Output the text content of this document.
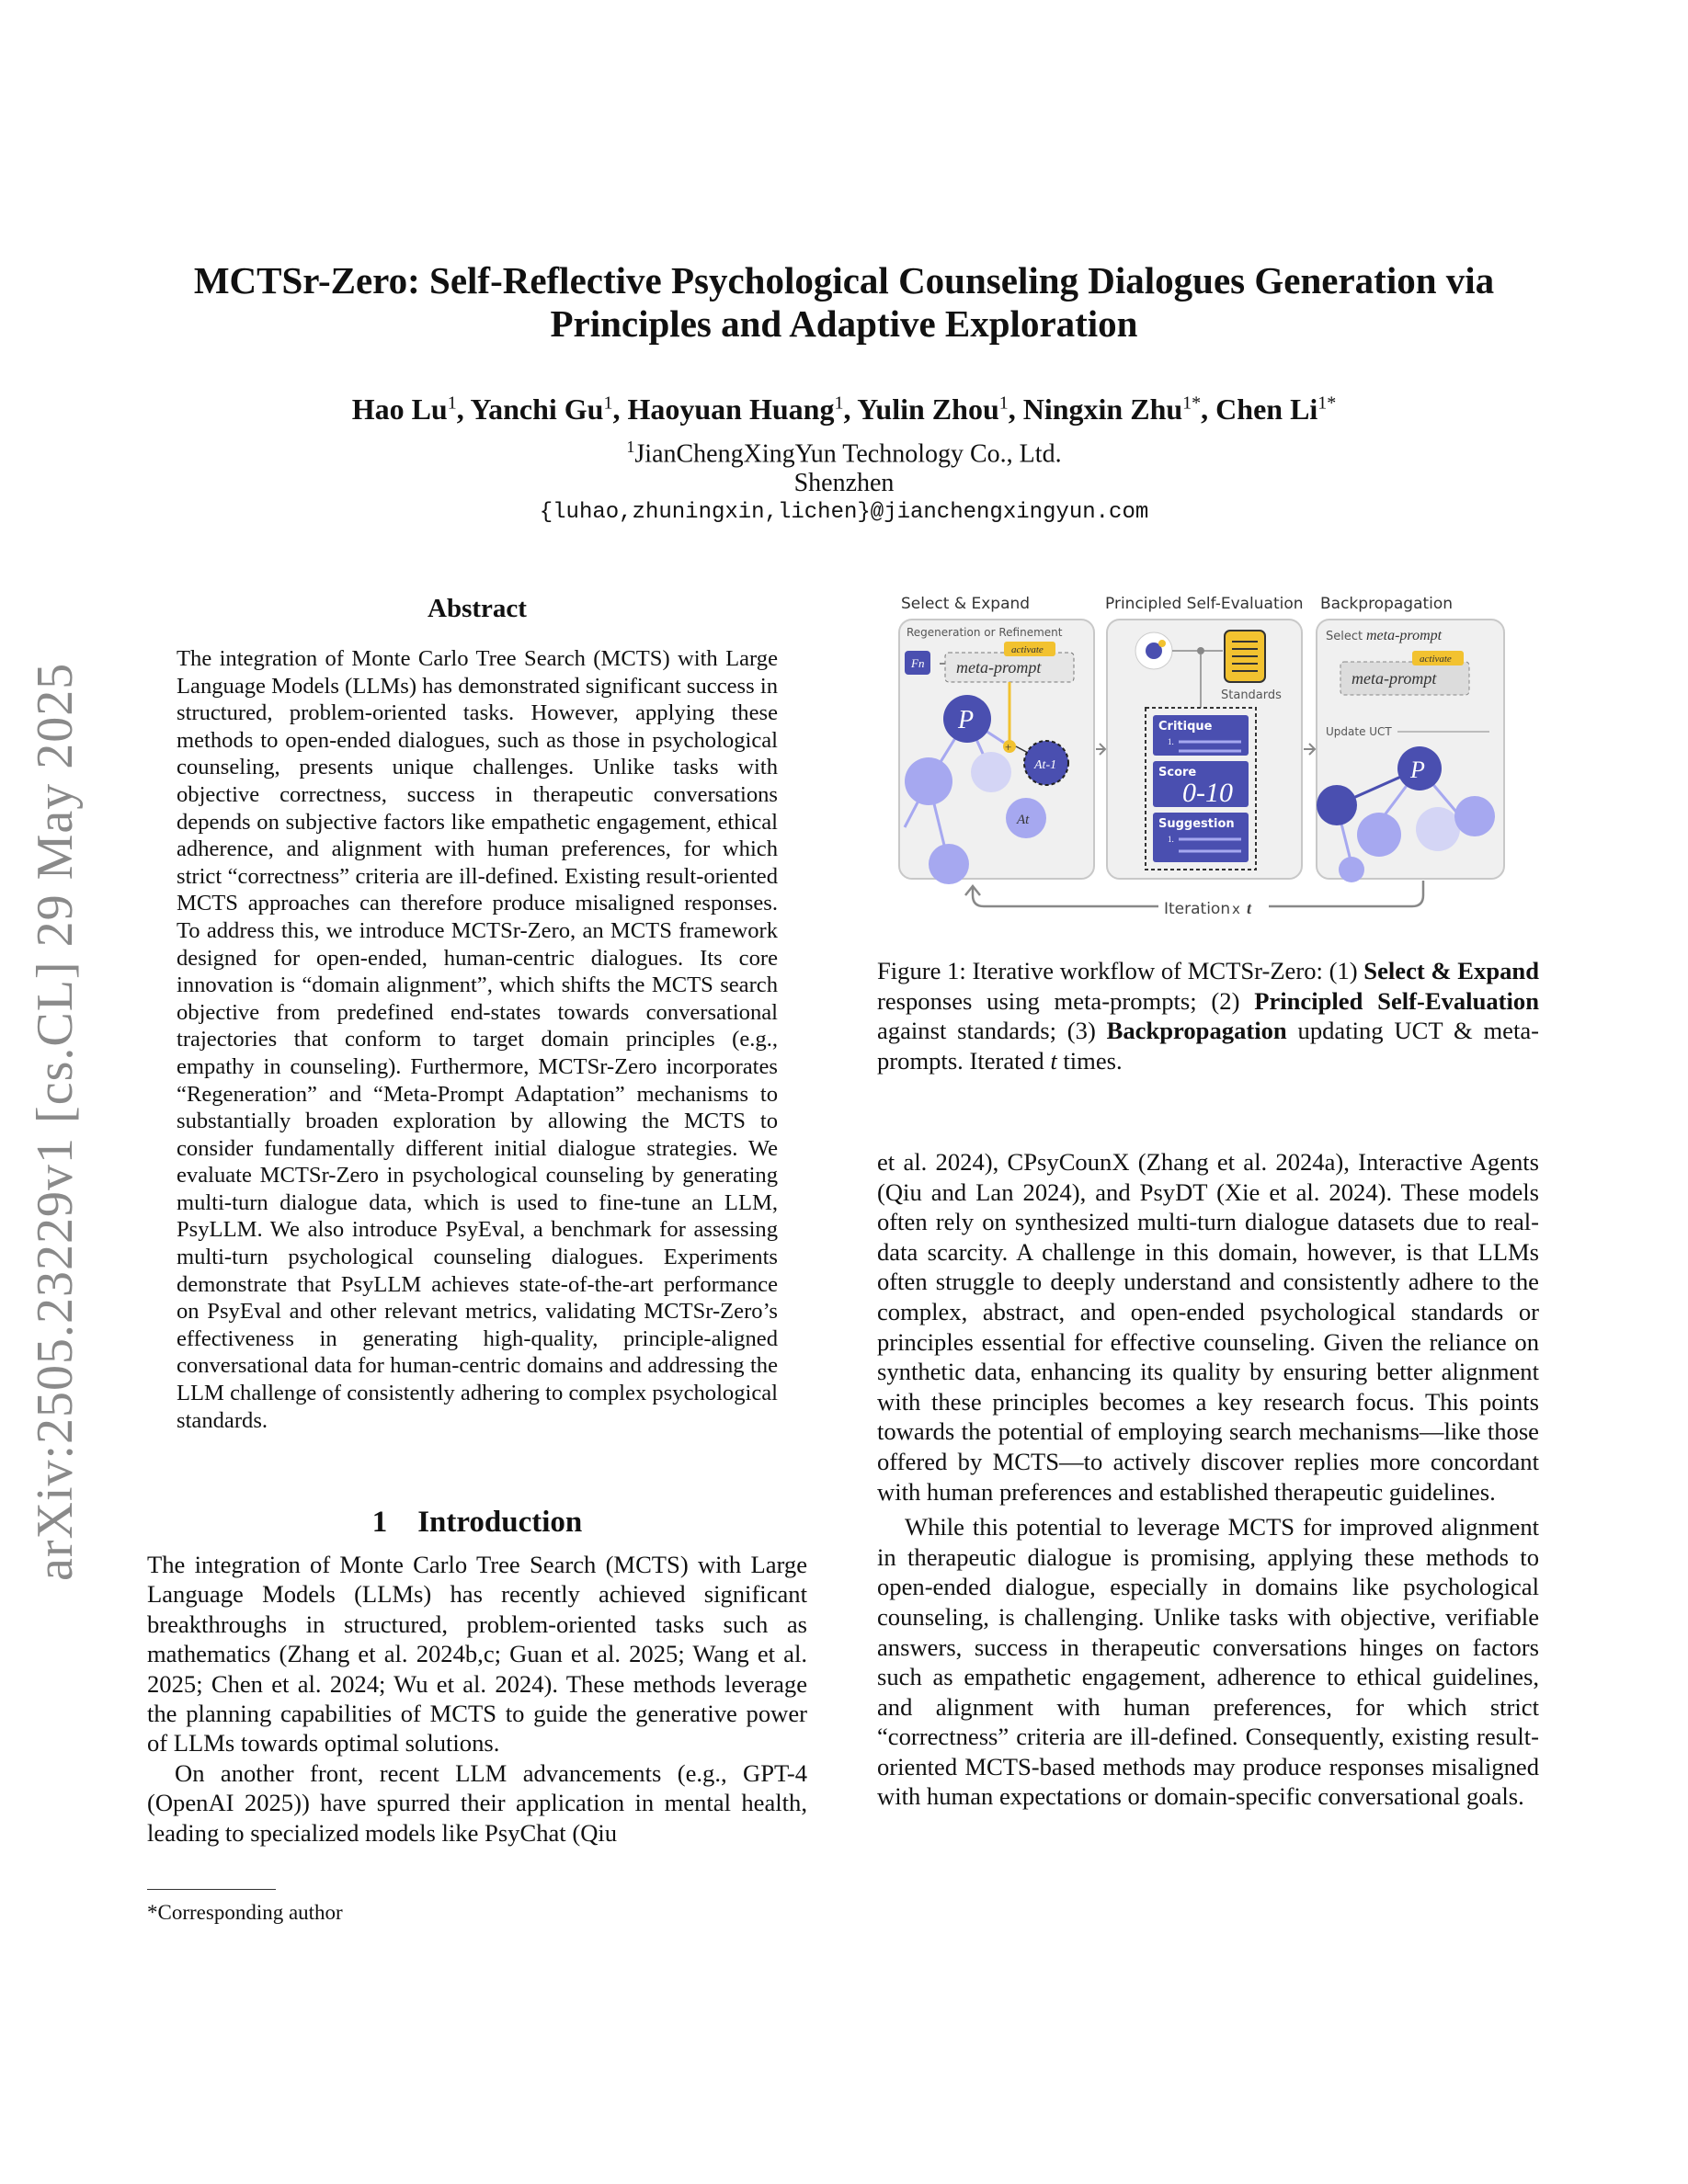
MCTSr-Zero: Self-Reflective Psychological Counseling Dialogues Generation via
Principles and Adaptive Exploration
Hao Lu$^1$, Yanchi Gu$^1$, Haoyuan Huang$^1$, Yulin Zhou$^1$, Ningxin Zhu$^{1*}$, Chen $Li^{1*}$
$^1$JianChengXingYun Technology Co., Ltd.
Shenzhen
{luhao,zhuningxin,lichen}@jianchengxingyun.com
arXiv:2505.23229v1 [cs.CL] 29 May 2025
Abstract
The integration of Monte Carlo Tree Search (MCTS) with Large Language Models (LLMs) has demonstrated significant success in structured, problem-oriented tasks. However, applying these methods to open-ended dialogues, such as those in psychological counseling, presents unique challenges. Unlike tasks with objective correctness, success in therapeutic conversations depends on subjective factors like empathetic engagement, ethical adherence, and alignment with human preferences, for which strict “correctness” criteria are ill-defined. Existing result-oriented MCTS approaches can therefore produce misaligned responses. To address this, we introduce MCTSr-Zero, an MCTS framework designed for open-ended, human-centric dialogues. Its core innovation is “domain alignment”, which shifts the MCTS search objective from predefined end-states towards conversational trajectories that conform to target domain principles (e.g., empathy in counseling). Furthermore, MCTSr-Zero incorporates “Regeneration” and “Meta-Prompt Adaptation” mechanisms to substantially broaden exploration by allowing the MCTS to consider fundamentally different initial dialogue strategies. We evaluate MCTSr-Zero in psychological counseling by generating multi-turn dialogue data, which is used to fine-tune an LLM, PsyLLM. We also introduce PsyEval, a benchmark for assessing multi-turn psychological counseling dialogues. Experiments demonstrate that PsyLLM achieves state-of-the-art performance on PsyEval and other relevant metrics, validating MCTSr-Zero’s effectiveness in generating high-quality, principle-aligned conversational data for human-centric domains and addressing the LLM challenge of consistently adhering to complex psychological standards.
1    Introduction

The integration of Monte Carlo Tree Search (MCTS) with Large Language Models (LLMs) has recently achieved significant breakthroughs in structured, problem-oriented tasks such as mathematics (Zhang et al. 2024b,c; Guan et al. 2025; Wang et al. 2025; Chen et al. 2024; Wu et al. 2024). These methods leverage the planning capabilities of MCTS to guide the generative power of LLMs towards optimal solutions.

On another front, recent LLM advancements (e.g., GPT-4 (OpenAI 2025)) have spurred their application in mental health, leading to specialized models like PsyChat (Qiu

*Corresponding author
Select & Expand	Principled Self-Evaluation Backpropagation
Regeneration or Refinement
Fn meta-prompt
activate
+
P
At-1
At
Standards
Critique
1.
Score
0-10
Suggestion
1.
Select meta-prompt
meta-prompt
activate
Update UCT
P
Iteration x t
Figure 1: Iterative workflow of MCTSr-Zero: (1) Select & Expand responses using meta-prompts; (2) Principled Self-Evaluation against standards; (3) Backpropagation updating UCT & meta-prompts. Iterated t times.

et al. 2024), CPsyCounX (Zhang et al. 2024a), Interactive Agents (Qiu and Lan 2024), and PsyDT (Xie et al. 2024). These models often rely on synthesized multi-turn dialogue datasets due to real-data scarcity. A challenge in this domain, however, is that LLMs often struggle to deeply understand and consistently adhere to the complex, abstract, and open-ended psychological standards or principles essential for effective counseling. Given the reliance on synthetic data, enhancing its quality by ensuring better alignment with these principles becomes a key research focus. This points towards the potential of employing search mechanisms—like those offered by MCTS—to actively discover replies more concordant with human preferences and established therapeutic guidelines.

While this potential to leverage MCTS for improved alignment in therapeutic dialogue is promising, applying these methods to open-ended dialogue, especially in domains like psychological counseling, is challenging. Unlike tasks with objective, verifiable answers, success in therapeutic conversations hinges on factors such as empathetic engagement, adherence to ethical guidelines, and alignment with human preferences, for which strict “correctness” criteria are ill-defined. Consequently, existing result-oriented MCTS-based methods may produce responses misaligned with human expectations or domain-specific conversational goals.
